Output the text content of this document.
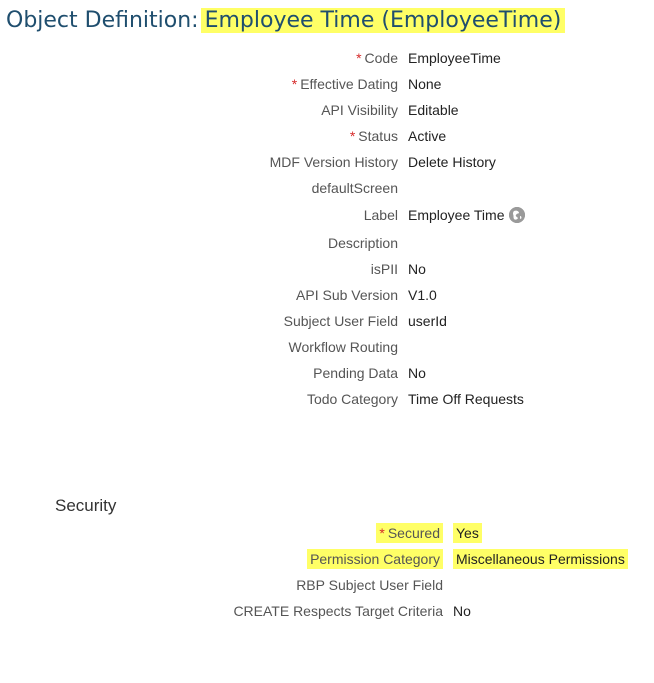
Object Definition: Employee Time (EmployeeTime)
* Code EmployeeTime
* Effective Dating None
API Visibility Editable
* Status Active
MDF Version History Delete History
defaultScreen
Label Employee Time
Description
isPII No
API Sub Version V1.0
Subject User Field userId
Workflow Routing
Pending Data No
Todo Category Time Off Requests
Security
* Secured Yes
Permission Category Miscellaneous Permissions
RBP Subject User Field
CREATE Respects Target Criteria No
